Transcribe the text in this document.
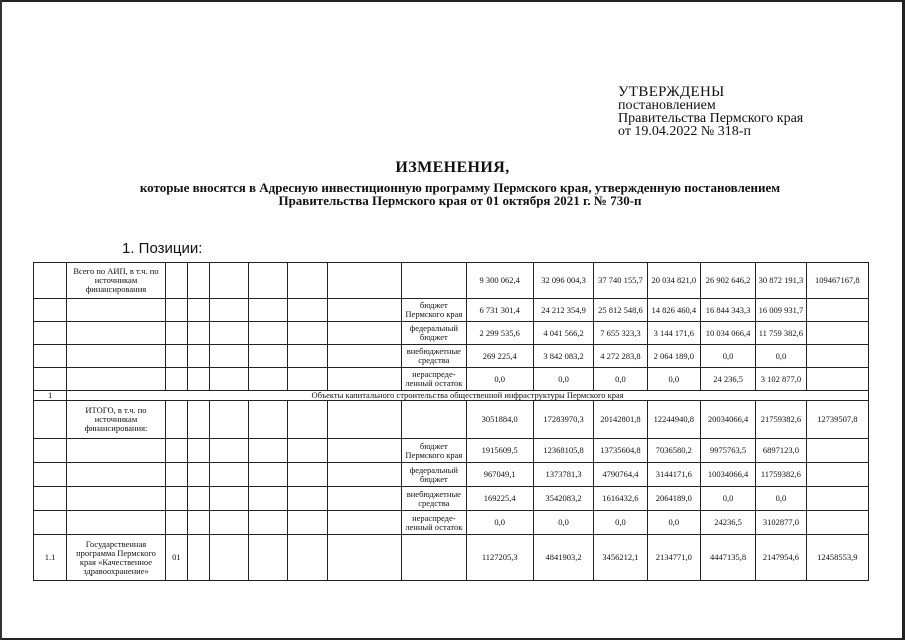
УТВЕРЖДЕНЫ
постановлением
Правительства Пермского края
от 19.04.2022 № 318-п
ИЗМЕНЕНИЯ,
которые вносятся в Адресную инвестиционную программу Пермского края, утвержденную постановлением
Правительства Пермского края от 01 октября 2021 г. № 730-п
1. Позиции:
	Всего по АИП, в т.ч. по источникам финансирования								9 300 062,4	32 096 004,3	37 740 155,7	20 034 821,0	26 902 646,2	30 872 191,3	109467167,8
								бюджет Пермского края	6 731 301,4	24 212 354,9	25 812 548,6	14 826 460,4	16 844 343,3	16 009 931,7	
								федеральный бюджет	2 299 535,6	4 041 566,2	7 655 323,3	3 144 171,6	10 034 066,4	11 759 382,6	
								внебюджетные средства	269 225,4	3 842 083,2	4 272 283,8	2 064 189,0	0,0	0,0	
								нераспреде-ленный остаток	0,0	0,0	0,0	0,0	24 236,5	3 102 877,0	
1	Объекты капитального строительства общественной инфраструктуры Пермского края														
	ИТОГО, в т.ч. по источникам финансирования:								3051884,0	17283970,3	20142801,8	12244940,8	20034066,4	21759382,6	12739507,8
								бюджет Пермского края	1915609,5	12368105,8	13735604,8	7036580,2	9975763,5	6897123,0	
								федеральный бюджет	967049,1	1373781,3	4790764,4	3144171,6	10034066,4	11759382,6	
								внебюджетные средства	169225,4	3542083,2	1616432,6	2064189,0	0,0	0,0	
								нераспреде-ленный остаток	0,0	0,0	0,0	0,0	24236,5	3102877,0	
1.1	Государственная программа Пермского края «Качественное здравоохранение»	01							1127205,3	4841903,2	3456212,1	2134771,0	4447135,8	2147954,6	12458553,9
